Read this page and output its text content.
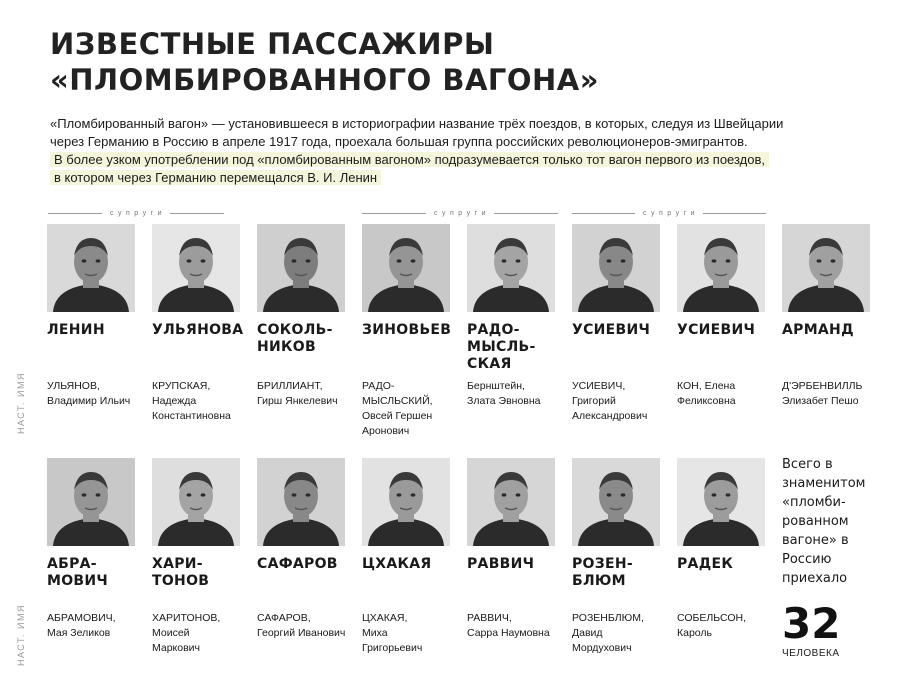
ИЗВЕСТНЫЕ ПАССАЖИРЫ
«ПЛОМБИРОВАННОГО ВАГОНА»

«Пломбированный вагон» — установившееся в историографии название трёх поездов, в которых, следуя из Швейцарии
через Германию в Россию в апреле 1917 года, проехала большая группа российских революционеров-эмигрантов.

В более узком употреблении под «пломбированным вагоном» подразумевается только тот вагон первого из поездов,
в котором через Германию перемещался В. И. Ленин

супруги	супруги	супруги
НАСТ. ИМЯ
НАСТ. ИМЯ
ЛЕНИН
УЛЬЯНОВ,
Владимир Ильич
УЛЬЯНОВА
КРУПСКАЯ,
Надежда
Константиновна
СОКОЛЬ-
НИКОВ
БРИЛЛИАНТ,
Гирш Янкелевич
ЗИНОВЬЕВ
РАДО-
МЫСЛЬСКИЙ,
Овсей Гершен
Аронович
РАДО-
МЫСЛЬ-
СКАЯ
Бернштейн,
Злата Эвновна
УСИЕВИЧ
УСИЕВИЧ,
Григорий
Александрович
УСИЕВИЧ
КОН, Елена
Феликсовна
АРМАНД
Д'ЭРБЕНВИЛЛЬ
Элизабет Пешо
АБРА-
МОВИЧ
АБРАМОВИЧ,
Мая Зеликов
ХАРИ-
ТОНОВ
ХАРИТОНОВ,
Моисей
Маркович
САФАРОВ
САФАРОВ,
Георгий Иванович
ЦХАКАЯ
ЦХАКАЯ,
Миха
Григорьевич
РАВВИЧ
РАВВИЧ,
Сарра Наумовна
РОЗЕН-
БЛЮМ
РОЗЕНБЛЮМ,
Давид
Мордухович
РАДЕК
СОБЕЛЬСОН,
Кароль
Всего в знаменитом «пломби-рованном вагоне» в Россию приехало
32
ЧЕЛОВЕКА
